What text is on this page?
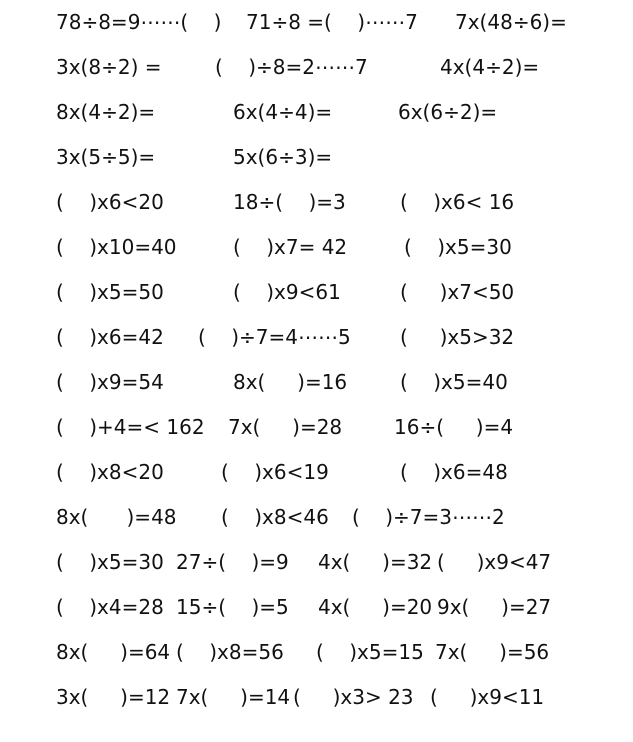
78÷8=9⋯⋯(    ) 71÷8 =(    )⋯⋯7 7x(48÷6)=
3x(8÷2) =	(    )÷8=2⋯⋯7	4x(4÷2)=
8x(4÷2)=	6x(4÷4)=	6x(6÷2)=
3x(5÷5)=	5x(6÷3)=
(    )x6<20	18÷(    )=3	(    )x6< 16
(    )x10=40	(    )x7= 42	(    )x5=30
(    )x5=50	(    )x9<61	(     )x7<50
(    )x6=42 (    )÷7=4⋯⋯5 (     )x5>32
(    )x9=54	8x(     )=16	(    )x5=40
(    )+4=< 162 7x(     )=28	16÷(     )=4
(    )x8<20	(    )x6<19	(    )x6=48
8x(      )=48 (    )x8<46 (    )÷7=3⋯⋯2
(    )x5=30 27÷(    )=9 4x(     )=32 (     )x9<47
(    )x4=28 15÷(    )=5 4x(     )=20 9x(     )=27
8x(     )=64 (    )x8=56 (    )x5=15 7x(     )=56
3x(     )=12 7x(     )=14 (     )x3> 23 (     )x9<11
